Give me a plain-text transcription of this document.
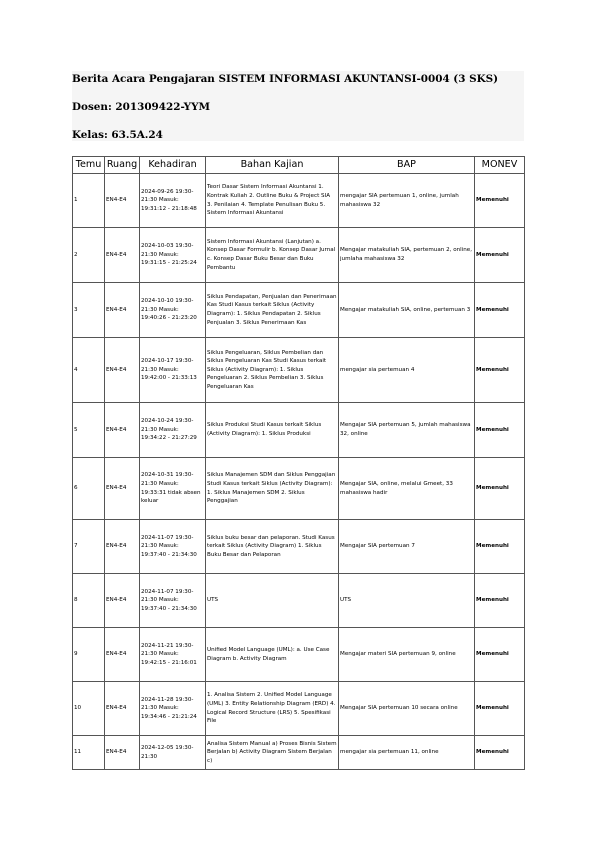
Berita Acara Pengajaran SISTEM INFORMASI AKUNTANSI-0004 (3 SKS)

Dosen: 201309422-YYM

Kelas: 63.5A.24

Temu	Ruang	Kehadiran	Bahan Kajian	BAP	MONEV

1	EN4-E4	2024-09-26 19:30-21:30 Masuk: 19:31:12 - 21:18:48	Teori Dasar Sistem Informasi Akuntansi 1. Kontrak Kuliah 2. Outline Buku & Project SIA 3. Penilaian 4. Template Penulisan Buku 5. Sistem Informasi Akuntansi	mengajar SIA pertemuan 1, online, jumlah mahasiswa 32	Memenuhi

2	EN4-E4	2024-10-03 19:30-21:30 Masuk: 19:31:15 - 21:25:24	Sistem Informasi Akuntansi (Lanjutan) a. Konsep Dasar Formulir b. Konsep Dasar Jurnal c. Konsep Dasar Buku Besar dan Buku Pembantu	Mengajar matakuliah SIA, pertemuan 2, online, jumlaha mahasiswa 32	Memenuhi

3	EN4-E4	2024-10-10 19:30-21:30 Masuk: 19:40:26 - 21:23:20	Siklus Pendapatan, Penjualan dan Penerimaan Kas Studi Kasus terkait Siklus (Activity Diagram): 1. Siklus Pendapatan 2. Siklus Penjualan 3. Siklus Penerimaan Kas	Mengajar matakuliah SIA, online, pertemuan 3	Memenuhi

4	EN4-E4	2024-10-17 19:30-21:30 Masuk: 19:42:00 - 21:33:13	Siklus Pengeluaran, Siklus Pembelian dan Siklus Pengeluaran Kas Studi Kasus terkait Siklus (Activity Diagram): 1. Siklus Pengeluaran 2. Siklus Pembelian 3. Siklus Pengeluaran Kas	mengajar sia pertemuan 4	Memenuhi

5	EN4-E4	2024-10-24 19:30-21:30 Masuk: 19:34:22 - 21:27:29	Siklus Produksi Studi Kasus terkait Siklus (Activity Diagram): 1. Siklus Produksi	Mengajar SIA pertemuan 5, jumlah mahasiswa 32, online	Memenuhi

6	EN4-E4	2024-10-31 19:30-21:30 Masuk: 19:33:31 tidak absen keluar	Siklus Manajemen SDM dan Siklus Penggajian Studi Kasus terkait Siklus (Activity Diagram): 1. Siklus Manajemen SDM 2. Siklus Penggajian	Mengajar SIA, online, melalui Gmeet, 33 mahasiswa hadir	Memenuhi

7	EN4-E4	2024-11-07 19:30-21:30 Masuk: 19:37:40 - 21:34:30	Siklus buku besar dan pelaporan. Studi Kasus terkait Siklus (Activity Diagram) 1. Siklus Buku Besar dan Pelaporan	Mengajar SIA pertemuan 7	Memenuhi

8	EN4-E4	2024-11-07 19:30-21:30 Masuk: 19:37:40 - 21:34:30	UTS	UTS	Memenuhi

9	EN4-E4	2024-11-21 19:30-21:30 Masuk: 19:42:15 - 21:16:01	Unified Model Language (UML): a. Use Case Diagram b. Activity Diagram	Mengajar materi SIA pertemuan 9, online	Memenuhi

10	EN4-E4	2024-11-28 19:30-21:30 Masuk: 19:34:46 - 21:21:24	1. Analisa Sistem 2. Unified Model Language (UML) 3. Entity Relationship Diagram (ERD) 4. Logical Record Structure (LRS) 5. Spesifikasi File	Mengajar SIA pertemuan 10 secara online	Memenuhi

11	EN4-E4	2024-12-05 19:30-21:30	Analisa Sistem Manual a) Proses Bisnis Sistem Berjalan b) Activity Diagram Sistem Berjalan c)	mengajar sia pertemuan 11, online	Memenuhi
